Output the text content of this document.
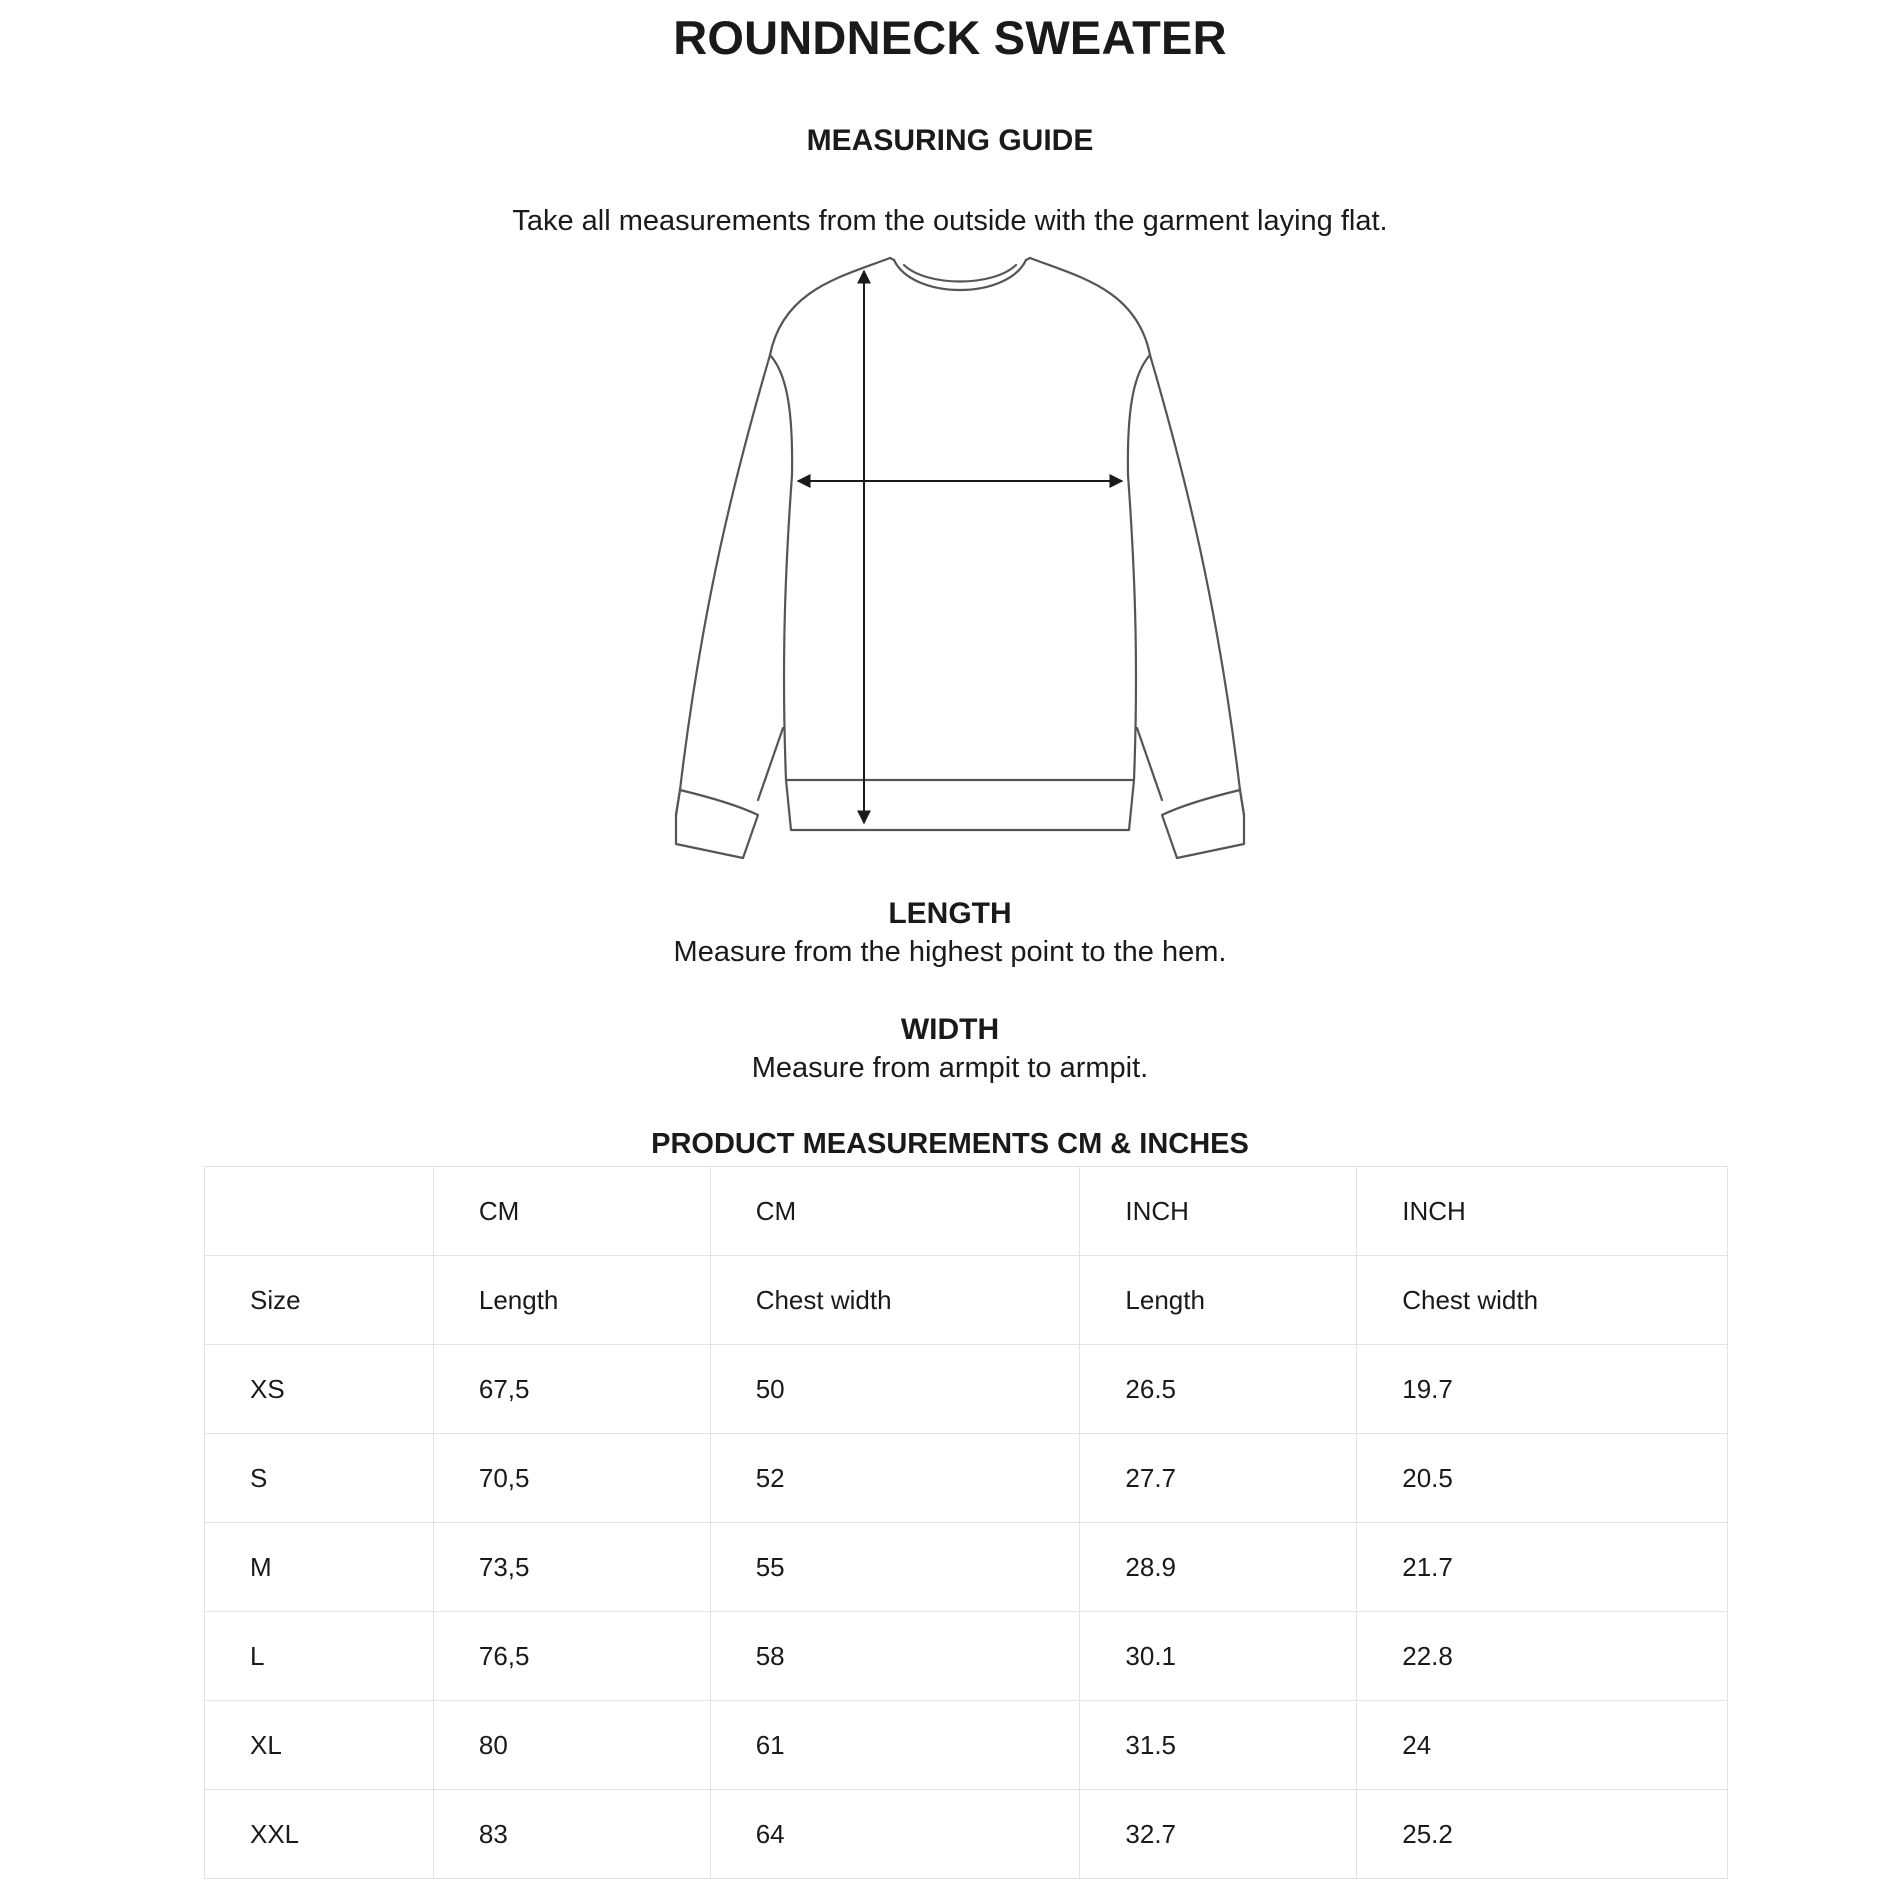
ROUNDNECK SWEATER
MEASURING GUIDE
Take all measurements from the outside with the garment laying flat.
LENGTH
Measure from the highest point to the hem.
WIDTH
Measure from armpit to armpit.
PRODUCT MEASUREMENTS CM & INCHES
	CM	CM	INCH	INCH
Size	Length	Chest width	Length	Chest width
XS	67,5	50	26.5	19.7
S	70,5	52	27.7	20.5
M	73,5	55	28.9	21.7
L	76,5	58	30.1	22.8
XL	80	61	31.5	24
XXL	83	64	32.7	25.2
